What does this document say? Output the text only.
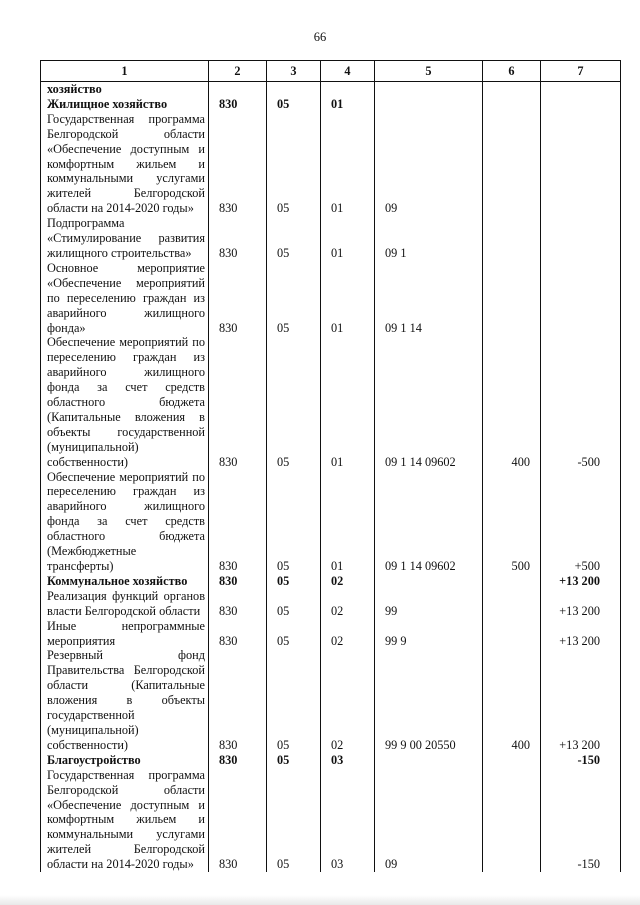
66
1	2	3	4	5	6	7
хозяйство						
Жилищное хозяйство	830	05	01			
Государственная программа Белгородской области «Обеспечение доступным и комфортным жильем и коммунальными услугами жителей Белгородской области на 2014-2020 годы»	830	05	01	09		
Подпрограмма «Стимулирование развития жилищного строительства»	830	05	01	09 1		
Основное мероприятие «Обеспечение мероприятий по переселению граждан из аварийного жилищного фонда»	830	05	01	09 1 14		
Обеспечение мероприятий по переселению граждан из аварийного жилищного фонда за счет средств областного бюджета (Капитальные вложения в объекты государственной (муниципальной) собственности)	830	05	01	09 1 14 09602	400	-500
Обеспечение мероприятий по переселению граждан из аварийного жилищного фонда за счет средств областного бюджета (Межбюджетные трансферты)	830	05	01	09 1 14 09602	500	+500
Коммунальное хозяйство	830	05	02			+13 200
Реализация функций органов власти Белгородской области	830	05	02	99		+13 200
Иные непрограммные мероприятия	830	05	02	99 9		+13 200
Резервный фонд Правительства Белгородской области (Капитальные вложения в объекты государственной (муниципальной) собственности)	830	05	02	99 9 00 20550	400	+13 200
Благоустройство	830	05	03			-150
Государственная программа Белгородской области «Обеспечение доступным и комфортным жильем и коммунальными услугами жителей Белгородской области на 2014-2020 годы»	830	05	03	09		-150
